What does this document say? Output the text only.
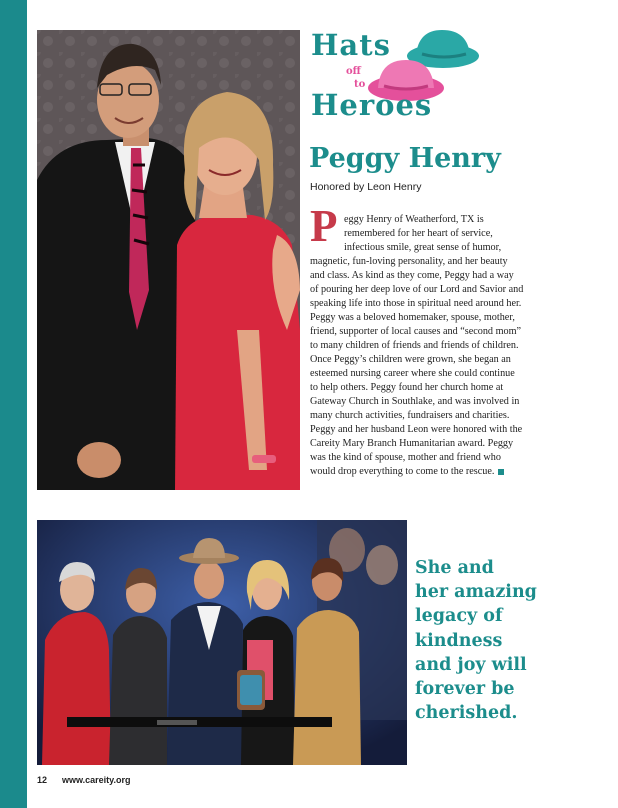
Hats
off
to
Heroes
Peggy Henry
Honored by Leon Henry
P eggy Henry of Weatherford, TX is
remembered for her heart of service,
infectious smile, great sense of humor,
magnetic, fun-loving personality, and her beauty
and class. As kind as they come, Peggy had a way
of pouring her deep love of our Lord and Savior and
speaking life into those in spiritual need around her.
Peggy was a beloved homemaker, spouse, mother,
friend, supporter of local causes and “second mom”
to many children of friends and friends of children.
Once Peggy’s children were grown, she began an
esteemed nursing career where she could continue
to help others. Peggy found her church home at
Gateway Church in Southlake, and was involved in
many church activities, fundraisers and charities.
Peggy and her husband Leon were honored with the
Careity Mary Branch Humanitarian award. Peggy
was the kind of spouse, mother and friend who
would drop everything to come to the rescue.
She and
her amazing
legacy of
kindness
and joy will
forever be
cherished.
12 www.careity.org
